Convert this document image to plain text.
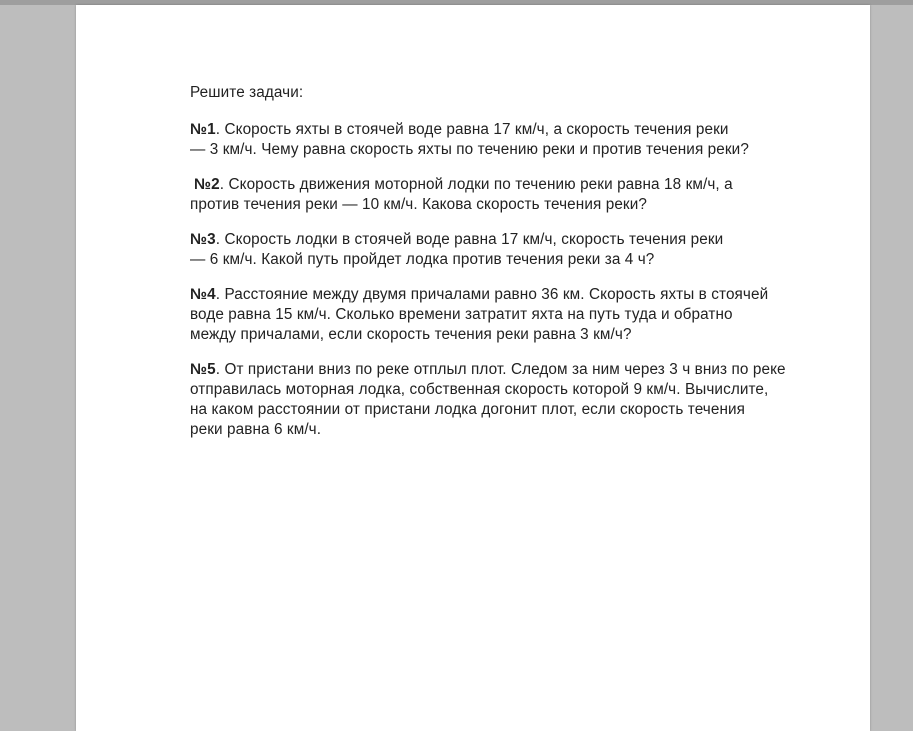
Решите задачи:
№1. Скорость яхты в стоячей воде равна 17 км/ч, а скорость течения реки
— 3 км/ч. Чему равна скорость яхты по течению реки и против течения реки?
№2. Скорость движения моторной лодки по течению реки равна 18 км/ч, а
против течения реки — 10 км/ч. Какова скорость течения реки?
№3. Скорость лодки в стоячей воде равна 17 км/ч, скорость течения реки
— 6 км/ч. Какой путь пройдет лодка против течения реки за 4 ч?
№4. Расстояние между двумя причалами равно 36 км. Скорость яхты в стоячей
воде равна 15 км/ч. Сколько времени затратит яхта на путь туда и обратно
между причалами, если скорость течения реки равна 3 км/ч?
№5. От пристани вниз по реке отплыл плот. Следом за ним через 3 ч вниз по реке
отправилась моторная лодка, собственная скорость которой 9 км/ч. Вычислите,
на каком расстоянии от пристани лодка догонит плот, если скорость течения
реки равна 6 км/ч.
